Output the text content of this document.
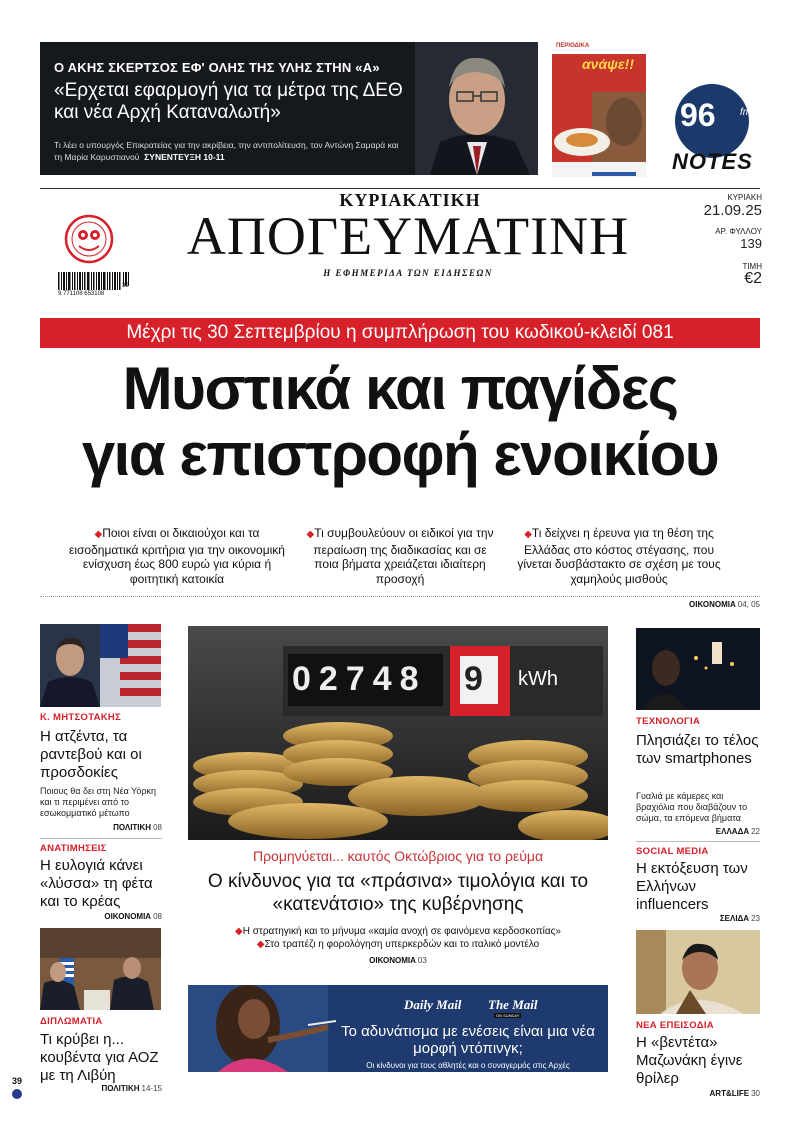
Ο ΑΚΗΣ ΣΚΕΡΤΣΟΣ ΕΦ' ΟΛΗΣ ΤΗΣ ΥΛΗΣ ΣΤΗΝ «Α»
«Ερχεται εφαρμογή για τα μέτρα της ΔΕΘ και νέα Αρχή Καταναλωτή»
Τι λέει ο υπουργός Επικρατείας για την ακρίβεια, την αντιπολίτευση, τον Αντώνη Σαμαρά και τη Μαρία Καρυστιανού ΣΥΝΕΝΤΕΥΞΗ 10-11
ΠΕΡΙΟΔΙΚΑ
ανάψε!!
96 fm
NOTES
ΚΥΡΙΑΚΑΤΙΚΗ
ΑΠΟΓΕΥΜΑΤΙΝΗ
Η ΕΦΗΜΕΡΙΔΑ ΤΩΝ ΕΙΔΗΣΕΩΝ
9 771108 653108
39
ΚΥΡΙΑΚΗ
21.09.25
ΑΡ. ΦΥΛΛΟΥ
139
ΤΙΜΗ
€2
Μέχρι τις 30 Σεπτεμβρίου η συμπλήρωση του κωδικού-κλειδί 081
Μυστικά και παγίδες
για επιστροφή ενοικίου
◆Ποιοι είναι οι δικαιούχοι και τα εισοδηματικά κριτήρια για την οικονομική ενίσχυση έως 800 ευρώ για κύρια ή φοιτητική κατοικία
◆Τι συμβουλεύουν οι ειδικοί για την περαίωση της διαδικασίας και σε ποια βήματα χρειάζεται ιδιαίτερη προσοχή
◆Τι δείχνει η έρευνα για τη θέση της Ελλάδας στο κόστος στέγασης, που γίνεται δυσβάστακτο σε σχέση με τους χαμηλούς μισθούς
ΟΙΚΟΝΟΜΙΑ 04, 05
Κ. ΜΗΤΣΟΤΑΚΗΣ
Η ατζέντα, τα ραντεβού και οι προσδοκίες
Ποιους θα δει στη Νέα Υόρκη και τι περιμένει από το εσωκομματικό μέτωπο
ΠΟΛΙΤΙΚΗ 08
ΑΝΑΤΙΜΗΣΕΙΣ
Η ευλογιά κάνει «λύσσα» τη φέτα και το κρέας
ΟΙΚΟΝΟΜΙΑ 08
ΔΙΠΛΩΜΑΤΙΑ
Τι κρύβει η... κουβέντα για ΑΟΖ με τη Λιβύη
ΠΟΛΙΤΙΚΗ 14-15
02748 9 kWh
Προμηνύεται... καυτός Οκτώβριος για το ρεύμα
Ο κίνδυνος για τα «πράσινα» τιμολόγια και το «κατενάτσιο» της κυβέρνησης
◆Η στρατηγική και το μήνυμα «καμία ανοχή σε φαινόμενα κερδοσκοπίας»
◆Στο τραπέζι η φορολόγηση υπερκερδών και το ιταλικό μοντέλο
ΟΙΚΟΝΟΜΙΑ 03
Daily Mail The Mail
ON SUNDAY
Το αδυνάτισμα με ενέσεις είναι μια νέα μορφή ντόπινγκ;
Οι κίνδυνοι για τους αθλητές και ο συναγερμός στις Αρχές
ΣΕΛΙΔΕΣ 24-25
ΤΕΧΝΟΛΟΓΙΑ
Πλησιάζει το τέλος των smartphones
Γυαλιά με κάμερες και βραχιόλια που διαβάζουν το σώμα, τα επόμενα βήματα
ΕΛΛΑΔΑ 22
SOCIAL MEDIA
Η εκτόξευση των Ελλήνων influencers
ΣΕΛΙΔΑ 23
ΝΕΑ ΕΠΕΙΣΟΔΙΑ
Η «βεντέτα» Μαζωνάκη έγινε θρίλερ
ART&LIFE 30
39
